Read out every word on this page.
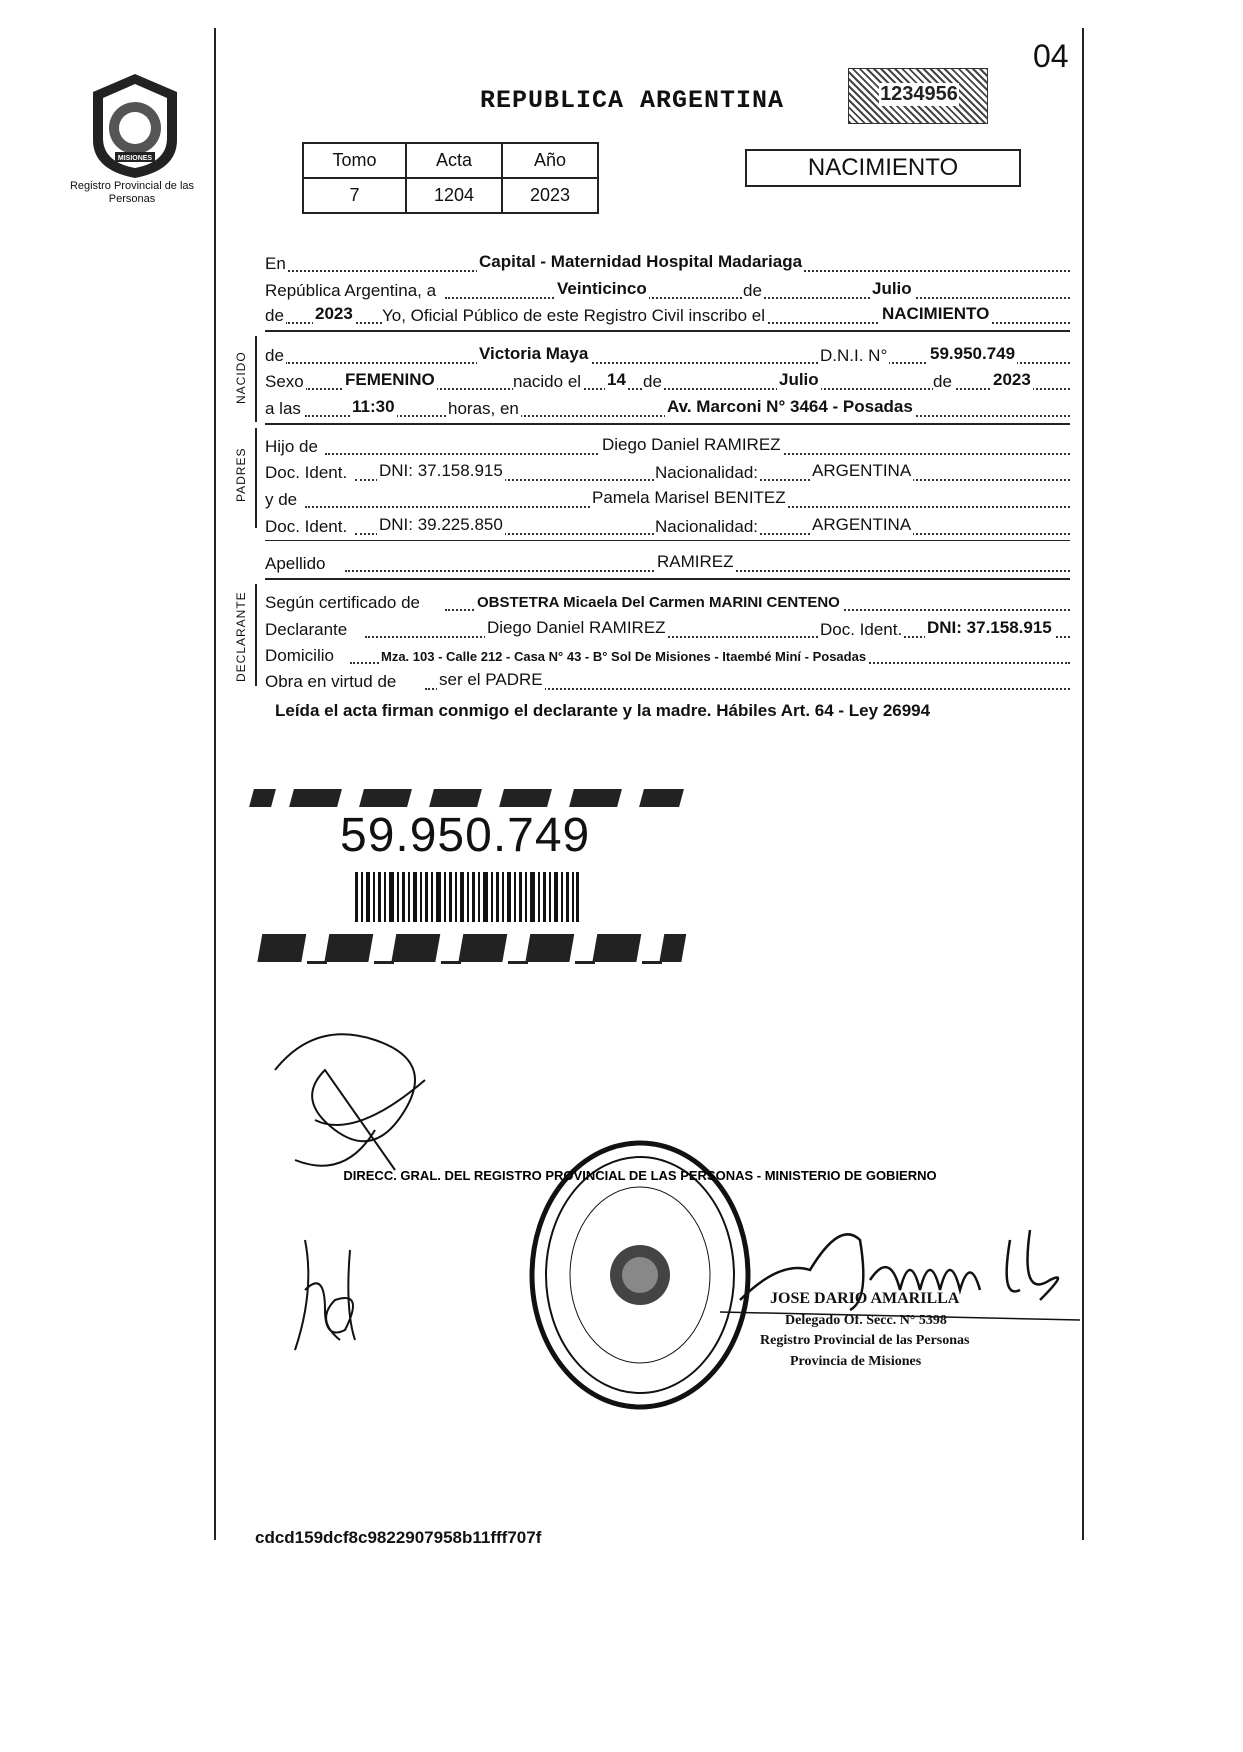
MISIONES
Registro Provincial de las Personas
04
REPUBLICA ARGENTINA	1234956
Tomo	Acta	Año
7	1204	2023
NACIMIENTO
En	Capital - Maternidad Hospital Madariaga
República Argentina, a	Veinticinco	de	Julio
de 2023 Yo, Oficial Público de este Registro Civil inscribo el	NACIMIENTO
NACIDO de	Victoria Maya	D.N.I. N°	59.950.749
Sexo FEMENINO	nacido el 14 de	Julio	de 2023
a las	11:30	horas, en	Av. Marconi N° 3464 - Posadas
PADRES
Hijo de	Diego Daniel RAMIREZ
Doc. Ident. DNI: 37.158.915	Nacionalidad:	ARGENTINA
y de	Pamela Marisel BENITEZ
Doc. Ident. DNI: 39.225.850	Nacionalidad:	ARGENTINA
Apellido	RAMIREZ
DECLARANTE Según certificado de	OBSTETRA Micaela Del Carmen MARINI CENTENO
Declarante	Diego Daniel RAMIREZ	Doc. Ident. DNI: 37.158.915
Domicilio	Mza. 103 - Calle 212 - Casa N° 43 - B° Sol De Misiones - Itaembé Miní - Posadas
Obra en virtud de	ser el PADRE
Leída el acta firman conmigo el declarante y la madre. Hábiles Art. 64 - Ley 26994
59.950.749
DIRECC. GRAL. DEL REGISTRO PROVINCIAL DE LAS PERSONAS - MINISTERIO DE GOBIERNO
JOSE DARIO AMARILLA
Delegado Of. Secc. N° 5398
Registro Provincial de las Personas
Provincia de Misiones
cdcd159dcf8c9822907958b11fff707f
